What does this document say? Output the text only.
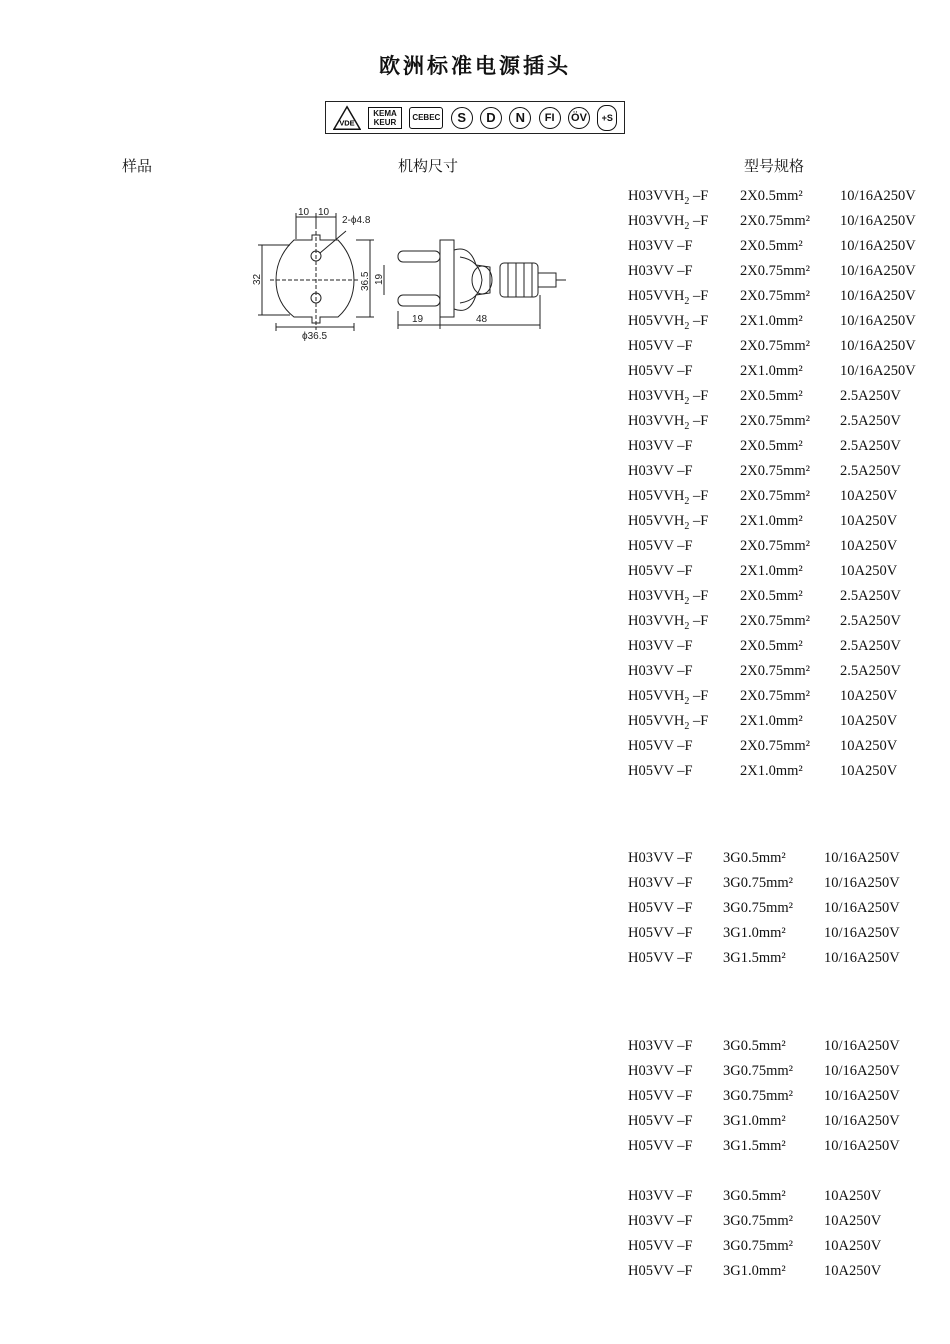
欧洲标准电源插头
VDE
KEMA KEUR
CEBEC	S	D	N	FI	ÖV	+S
样品	机构尺寸	型号规格
10 10
2-ϕ4.8
32	36.5 19
ϕ36.5
19	48
$H03VVH_2$ –F 2X0.5mm²	10/16A250V
$H03VVH_2$ –F 2X0.75mm² 10/16A250V
H03VV –F	2X0.5mm²	10/16A250V
H03VV –F	2X0.75mm² 10/16A250V
$H05VVH_2$ –F 2X0.75mm² 10/16A250V
$H05VVH_2$ –F 2X1.0mm²	10/16A250V
H05VV –F	2X0.75mm² 10/16A250V
H05VV –F	2X1.0mm²	10/16A250V
$H03VVH_2$ –F 2X0.5mm²	2.5A250V
$H03VVH_2$ –F 2X0.75mm² 2.5A250V
H03VV –F	2X0.5mm²	2.5A250V
H03VV –F	2X0.75mm² 2.5A250V
$H05VVH_2$ –F 2X0.75mm² 10A250V
$H05VVH_2$ –F 2X1.0mm²	10A250V
H05VV –F	2X0.75mm² 10A250V
H05VV –F	2X1.0mm²	10A250V
$H03VVH_2$ –F 2X0.5mm²	2.5A250V
$H03VVH_2$ –F 2X0.75mm² 2.5A250V
H03VV –F	2X0.5mm²	2.5A250V
H03VV –F	2X0.75mm² 2.5A250V
$H05VVH_2$ –F 2X0.75mm² 10A250V
$H05VVH_2$ –F 2X1.0mm²	10A250V
H05VV –F	2X0.75mm² 10A250V
H05VV –F	2X1.0mm²	10A250V
H03VV –F 3G0.5mm²	10/16A250V
H03VV –F 3G0.75mm² 10/16A250V
H05VV –F 3G0.75mm² 10/16A250V
H05VV –F 3G1.0mm²	10/16A250V
H05VV –F 3G1.5mm²	10/16A250V
H03VV –F 3G0.5mm²	10/16A250V
H03VV –F 3G0.75mm² 10/16A250V
H05VV –F 3G0.75mm² 10/16A250V
H05VV –F 3G1.0mm²	10/16A250V
H05VV –F 3G1.5mm²	10/16A250V
H03VV –F 3G0.5mm²	10A250V
H03VV –F 3G0.75mm² 10A250V
H05VV –F 3G0.75mm² 10A250V
H05VV –F 3G1.0mm²	10A250V
